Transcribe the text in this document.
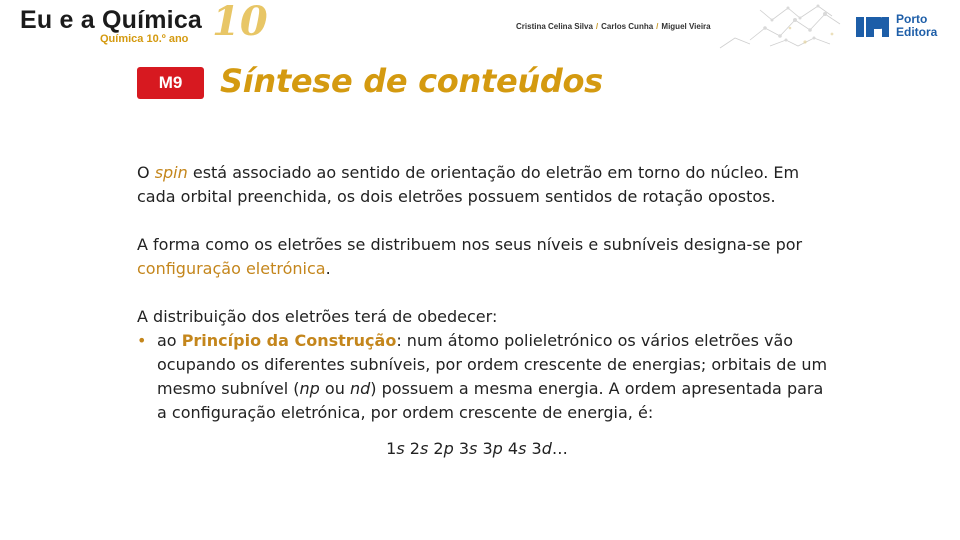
Eu e a Química
Química 10.º ano 10	Cristina Celina Silva / Carlos Cunha / Miguel Vieira
Porto
Editora
M9	Síntese de conteúdos

O spin está associado ao sentido de orientação do eletrão em torno do núcleo. Em cada orbital preenchida, os dois eletrões possuem sentidos de rotação opostos.

A forma como os eletrões se distribuem nos seus níveis e subníveis designa-se por configuração eletrónica.

A distribuição dos eletrões terá de obedecer:
• ao Princípio da Construção: num átomo polieletrónico os vários eletrões vão ocupando os diferentes subníveis, por ordem crescente de energias; orbitais de um mesmo subnível (np ou nd) possuem a mesma energia. A ordem apresentada para a configuração eletrónica, por ordem crescente de energia, é:
1s 2s 2p 3s 3p 4s 3d…
